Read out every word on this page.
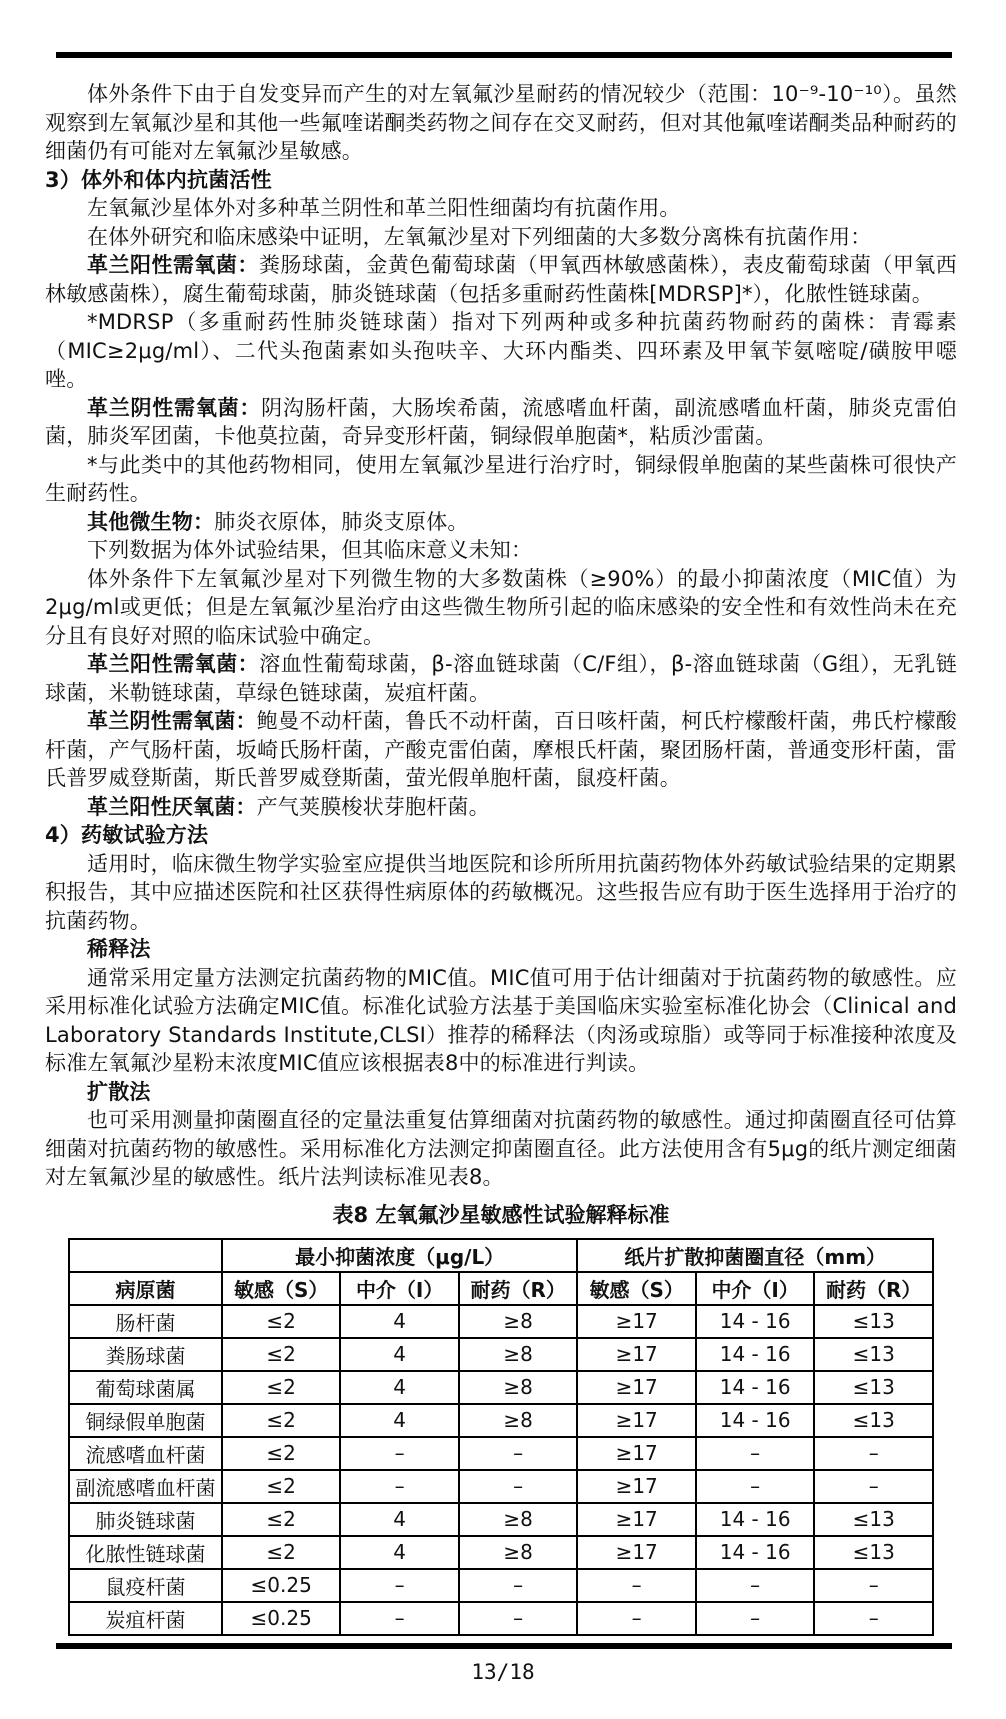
体外条件下由于自发变异而产生的对左氧氟沙星耐药的情况较少（范围：10⁻⁹-10⁻¹⁰）。虽然观察到左氧氟沙星和其他一些氟喹诺酮类药物之间存在交叉耐药，但对其他氟喹诺酮类品种耐药的细菌仍有可能对左氧氟沙星敏感。
3）体外和体内抗菌活性
左氧氟沙星体外对多种革兰阴性和革兰阳性细菌均有抗菌作用。
在体外研究和临床感染中证明，左氧氟沙星对下列细菌的大多数分离株有抗菌作用：
革兰阳性需氧菌：粪肠球菌，金黄色葡萄球菌（甲氧西林敏感菌株），表皮葡萄球菌（甲氧西林敏感菌株），腐生葡萄球菌，肺炎链球菌（包括多重耐药性菌株[MDRSP]*），化脓性链球菌。
*MDRSP（多重耐药性肺炎链球菌）指对下列两种或多种抗菌药物耐药的菌株：青霉素（MIC≥2μg/ml）、二代头孢菌素如头孢呋辛、大环内酯类、四环素及甲氧苄氨嘧啶/磺胺甲噁唑。
革兰阴性需氧菌：阴沟肠杆菌，大肠埃希菌，流感嗜血杆菌，副流感嗜血杆菌，肺炎克雷伯菌，肺炎军团菌，卡他莫拉菌，奇异变形杆菌，铜绿假单胞菌*，粘质沙雷菌。
*与此类中的其他药物相同，使用左氧氟沙星进行治疗时，铜绿假单胞菌的某些菌株可很快产生耐药性。
其他微生物：肺炎衣原体，肺炎支原体。
下列数据为体外试验结果，但其临床意义未知：
体外条件下左氧氟沙星对下列微生物的大多数菌株（≥90%）的最小抑菌浓度（MIC值）为2μg/ml或更低；但是左氧氟沙星治疗由这些微生物所引起的临床感染的安全性和有效性尚未在充分且有良好对照的临床试验中确定。
革兰阳性需氧菌：溶血性葡萄球菌，β-溶血链球菌（C/F组），β-溶血链球菌（G组），无乳链球菌，米勒链球菌，草绿色链球菌，炭疽杆菌。
革兰阴性需氧菌：鲍曼不动杆菌，鲁氏不动杆菌，百日咳杆菌，柯氏柠檬酸杆菌，弗氏柠檬酸杆菌，产气肠杆菌，坂崎氏肠杆菌，产酸克雷伯菌，摩根氏杆菌，聚团肠杆菌，普通变形杆菌，雷氏普罗威登斯菌，斯氏普罗威登斯菌，萤光假单胞杆菌，鼠疫杆菌。
革兰阳性厌氧菌：产气荚膜梭状芽胞杆菌。
4）药敏试验方法
适用时，临床微生物学实验室应提供当地医院和诊所所用抗菌药物体外药敏试验结果的定期累积报告，其中应描述医院和社区获得性病原体的药敏概况。这些报告应有助于医生选择用于治疗的抗菌药物。
稀释法
通常采用定量方法测定抗菌药物的MIC值。MIC值可用于估计细菌对于抗菌药物的敏感性。应采用标准化试验方法确定MIC值。标准化试验方法基于美国临床实验室标准化协会（Clinical and Laboratory Standards Institute,CLSI）推荐的稀释法（肉汤或琼脂）或等同于标准接种浓度及标准左氧氟沙星粉末浓度MIC值应该根据表8中的标准进行判读。
扩散法
也可采用测量抑菌圈直径的定量法重复估算细菌对抗菌药物的敏感性。通过抑菌圈直径可估算细菌对抗菌药物的敏感性。采用标准化方法测定抑菌圈直径。此方法使用含有5μg的纸片测定细菌对左氧氟沙星的敏感性。纸片法判读标准见表8。
表8 左氧氟沙星敏感性试验解释标准
	最小抑菌浓度（μg/L）			纸片扩散抑菌圈直径（mm）		
病原菌	敏感（S）	中介（I）	耐药（R）	敏感（S）	中介（I）	耐药（R）
肠杆菌	≤2	4	≥8	≥17	14 - 16	≤13
粪肠球菌	≤2	4	≥8	≥17	14 - 16	≤13
葡萄球菌属	≤2	4	≥8	≥17	14 - 16	≤13
铜绿假单胞菌	≤2	4	≥8	≥17	14 - 16	≤13
流感嗜血杆菌	≤2	–	–	≥17	–	–
副流感嗜血杆菌	≤2	–	–	≥17	–	–
肺炎链球菌	≤2	4	≥8	≥17	14 - 16	≤13
化脓性链球菌	≤2	4	≥8	≥17	14 - 16	≤13
鼠疫杆菌	≤0.25	–	–	–	–	–
炭疽杆菌	≤0.25	–	–	–	–	–
13/18
